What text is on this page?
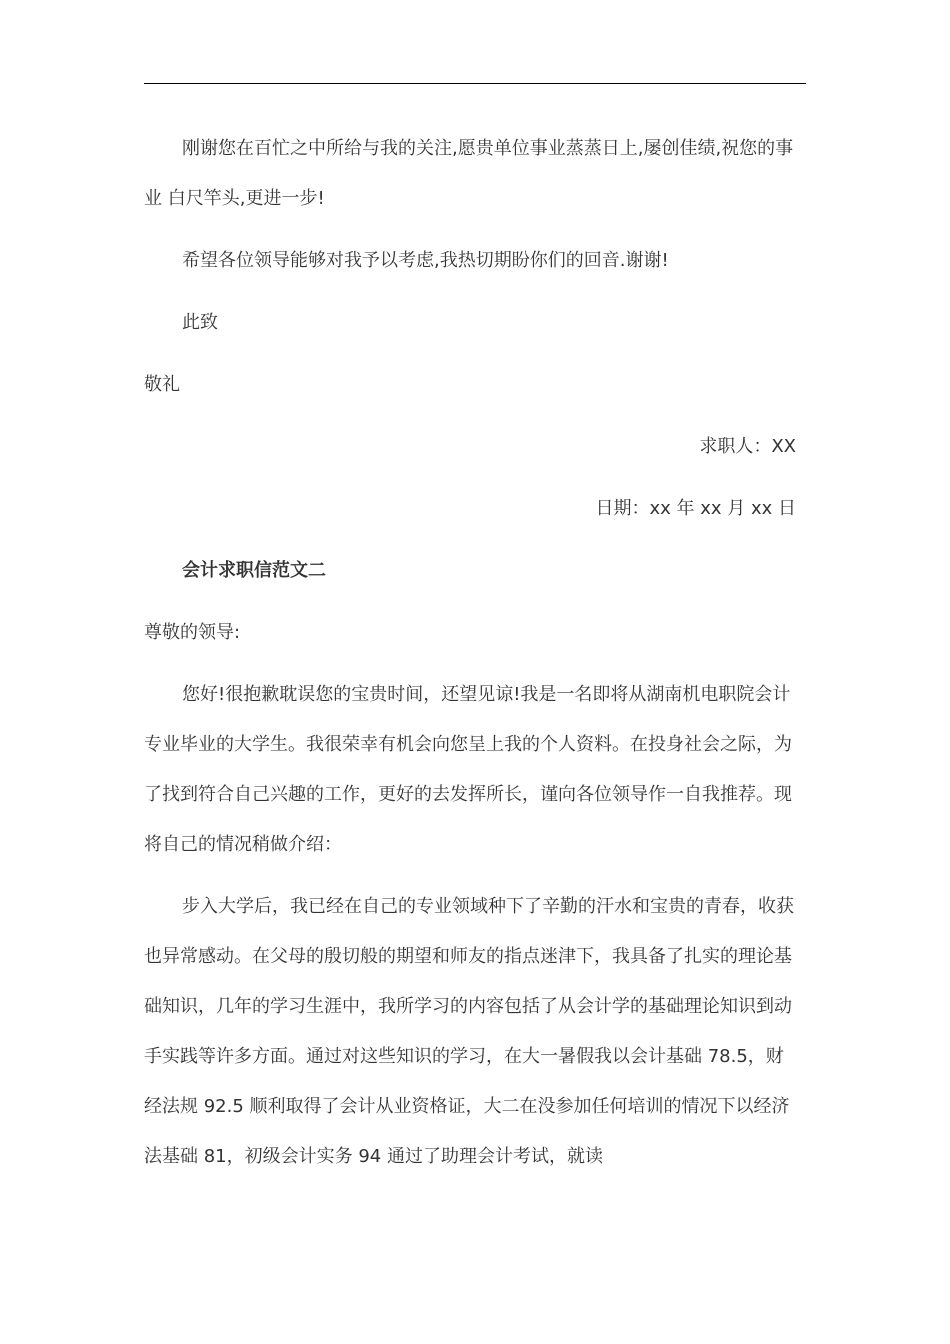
刚谢您在百忙之中所给与我的关注,愿贵单位事业蒸蒸日上,屡创佳绩,祝您的事业 白尺竿头,更进一步!

希望各位领导能够对我予以考虑,我热切期盼你们的回音.谢谢!

此致

敬礼

求职人：XX

日期：xx 年 xx 月 xx 日

会计求职信范文二

尊敬的领导:

您好!很抱歉耽误您的宝贵时间，还望见谅!我是一名即将从湖南机电职院会计专业毕业的大学生。我很荣幸有机会向您呈上我的个人资料。在投身社会之际，为了找到符合自己兴趣的工作，更好的去发挥所长，谨向各位领导作一自我推荐。现将自己的情况稍做介绍：

步入大学后，我已经在自己的专业领域种下了辛勤的汗水和宝贵的青春，收获也异常感动。在父母的殷切般的期望和师友的指点迷津下，我具备了扎实的理论基础知识，几年的学习生涯中，我所学习的内容包括了从会计学的基础理论知识到动手实践等许多方面。通过对这些知识的学习，在大一暑假我以会计基础 78.5，财经法规 92.5 顺利取得了会计从业资格证，大二在没参加任何培训的情况下以经济法基础 81，初级会计实务 94 通过了助理会计考试，就读
